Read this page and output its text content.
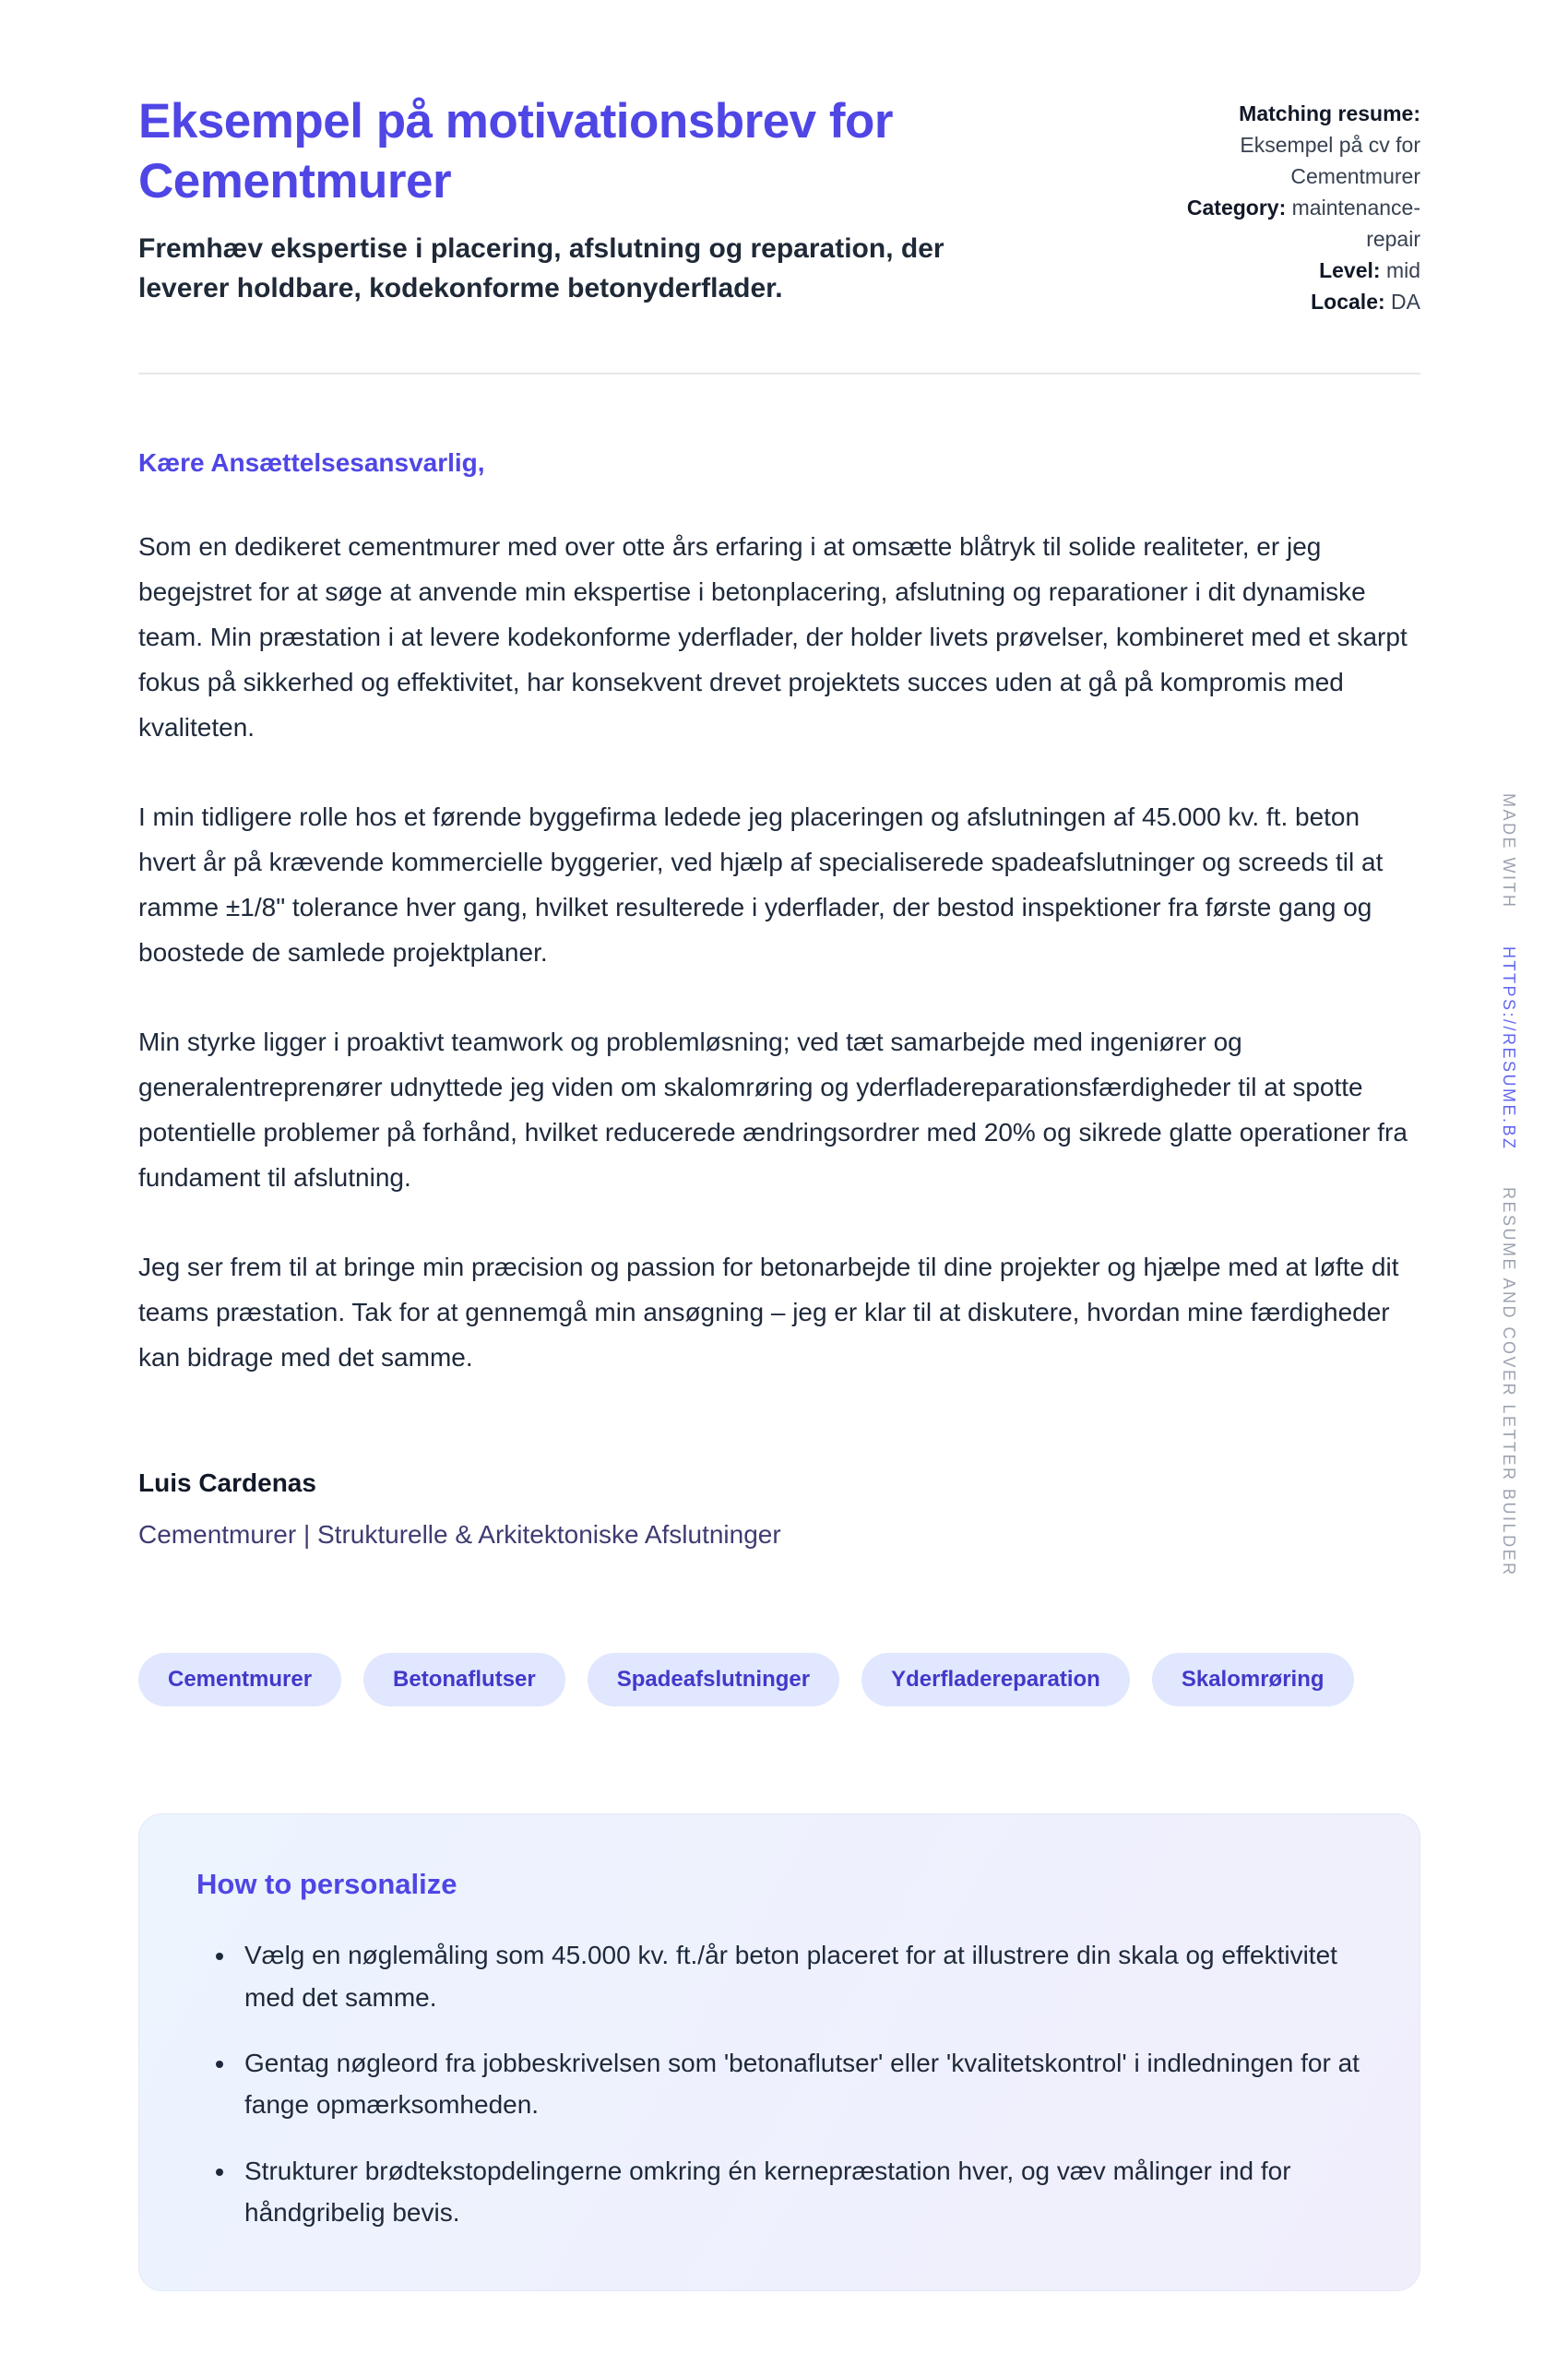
MADE WITH
HTTPS://RESUME.BZ
RESUME AND COVER LETTER BUILDER
Eksempel på motivationsbrev for Cementmurer

Fremhæv ekspertise i placering, afslutning og reparation, der leverer holdbare, kodekonforme betonyderflader.

Matching resume:
Eksempel på cv for Cementmurer
Category: maintenance-repair
Level: mid
Locale: DA

Kære Ansættelsesansvarlig,

Som en dedikeret cementmurer med over otte års erfaring i at omsætte blåtryk til solide realiteter, er jeg begejstret for at søge at anvende min ekspertise i betonplacering, afslutning og reparationer i dit dynamiske team. Min præstation i at levere kodekonforme yderflader, der holder livets prøvelser, kombineret med et skarpt fokus på sikkerhed og effektivitet, har konsekvent drevet projektets succes uden at gå på kompromis med kvaliteten.

I min tidligere rolle hos et førende byggefirma ledede jeg placeringen og afslutningen af 45.000 kv. ft. beton hvert år på krævende kommercielle byggerier, ved hjælp af specialiserede spadeafslutninger og screeds til at ramme ±1/8" tolerance hver gang, hvilket resulterede i yderflader, der bestod inspektioner fra første gang og boostede de samlede projektplaner.

Min styrke ligger i proaktivt teamwork og problemløsning; ved tæt samarbejde med ingeniører og generalentreprenører udnyttede jeg viden om skalomrøring og yderfladereparationsfærdigheder til at spotte potentielle problemer på forhånd, hvilket reducerede ændringsordrer med 20% og sikrede glatte operationer fra fundament til afslutning.

Jeg ser frem til at bringe min præcision og passion for betonarbejde til dine projekter og hjælpe med at løfte dit teams præstation. Tak for at gennemgå min ansøgning – jeg er klar til at diskutere, hvordan mine færdigheder kan bidrage med det samme.

Luis Cardenas

Cementmurer | Strukturelle & Arkitektoniske Afslutninger

Cementmurer	Betonaflutser	Spadeafslutninger	Yderfladereparation	Skalomrøring
How to personalize
• Vælg en nøglemåling som 45.000 kv. ft./år beton placeret for at illustrere din skala og effektivitet med det samme.
• Gentag nøgleord fra jobbeskrivelsen som 'betonaflutser' eller 'kvalitetskontrol' i indledningen for at fange opmærksomheden.
• Strukturer brødtekstopdelingerne omkring én kernepræstation hver, og væv målinger ind for håndgribelig bevis.
